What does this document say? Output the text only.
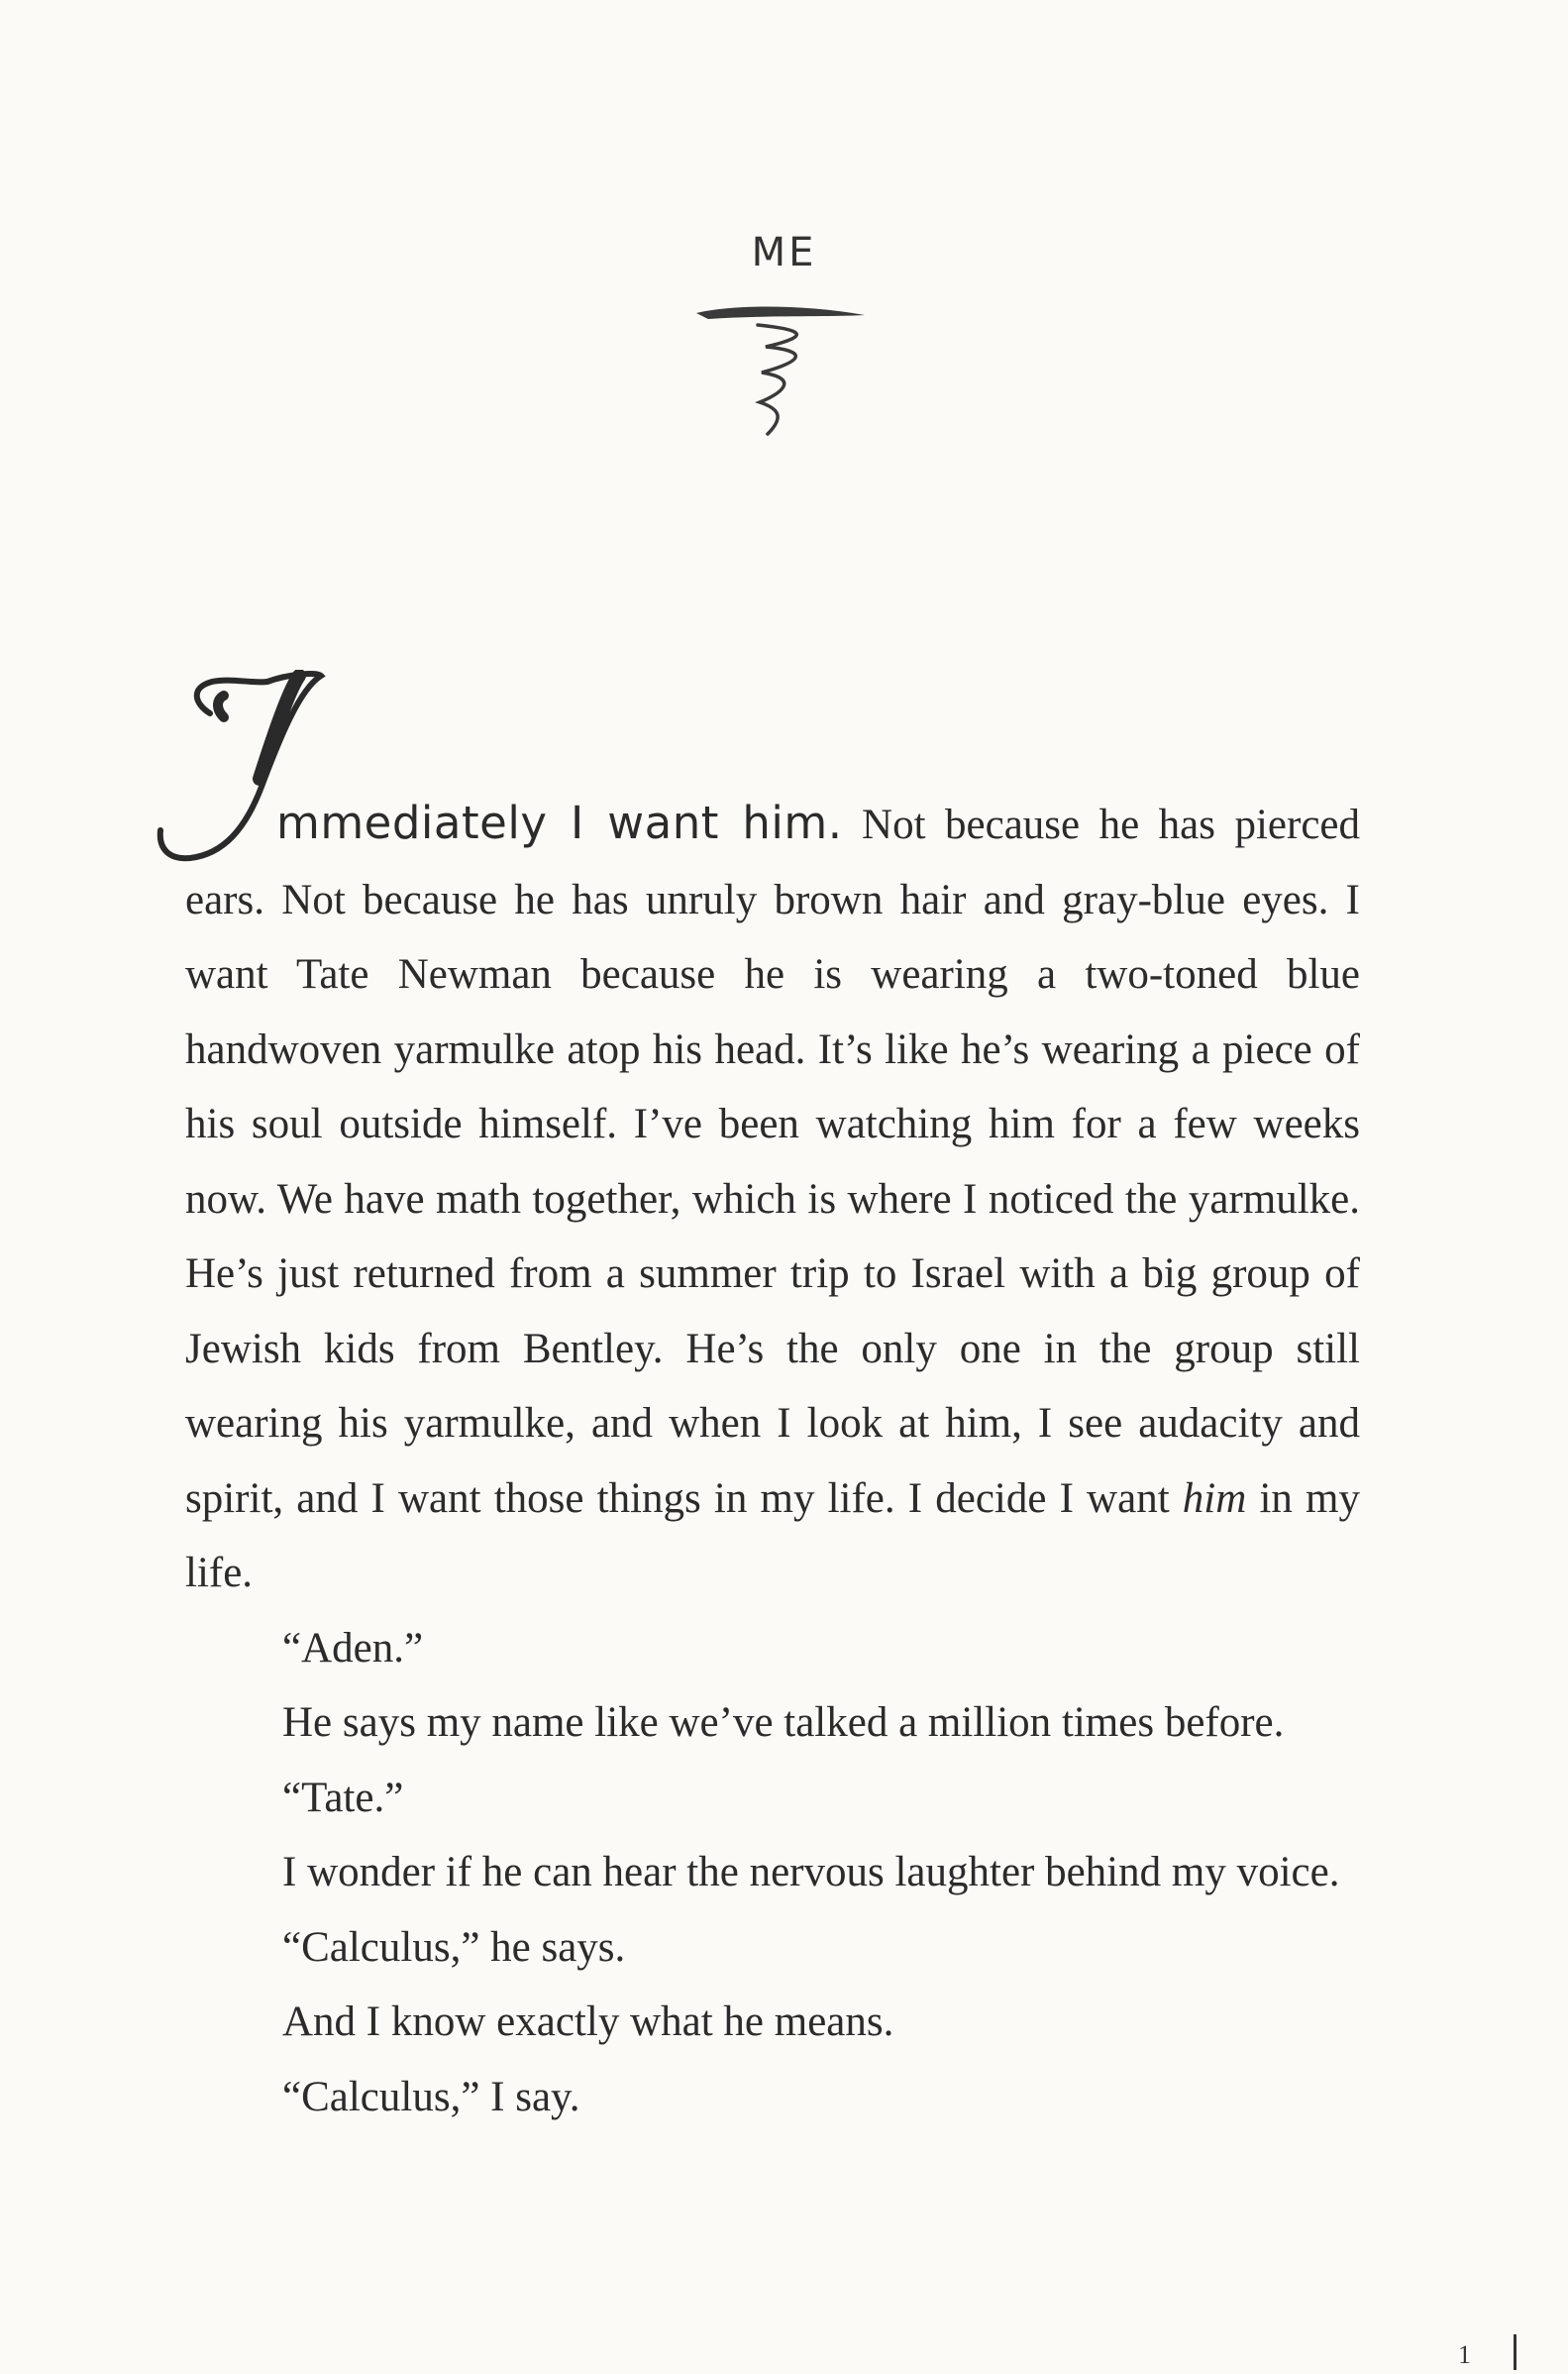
ME

mmediately I want him. Not because he has pierced ears. Not because he has unruly brown hair and gray-blue eyes. I want Tate Newman because he is wearing a two-toned blue handwoven yarmulke atop his head. It’s like he’s wearing a piece of his soul outside himself. I’ve been watching him for a few weeks now. We have math together, which is where I noticed the yarmulke. He’s just returned from a summer trip to Israel with a big group of Jewish kids from Bentley. He’s the only one in the group still wearing his yarmulke, and when I look at him, I see audacity and spirit, and I want those things in my life. I decide I want him in my life.

“Aden.”

He says my name like we’ve talked a million times before.

“Tate.”

I wonder if he can hear the nervous laughter behind my voice.

“Calculus,” he says.

And I know exactly what he means.

“Calculus,” I say.

1
